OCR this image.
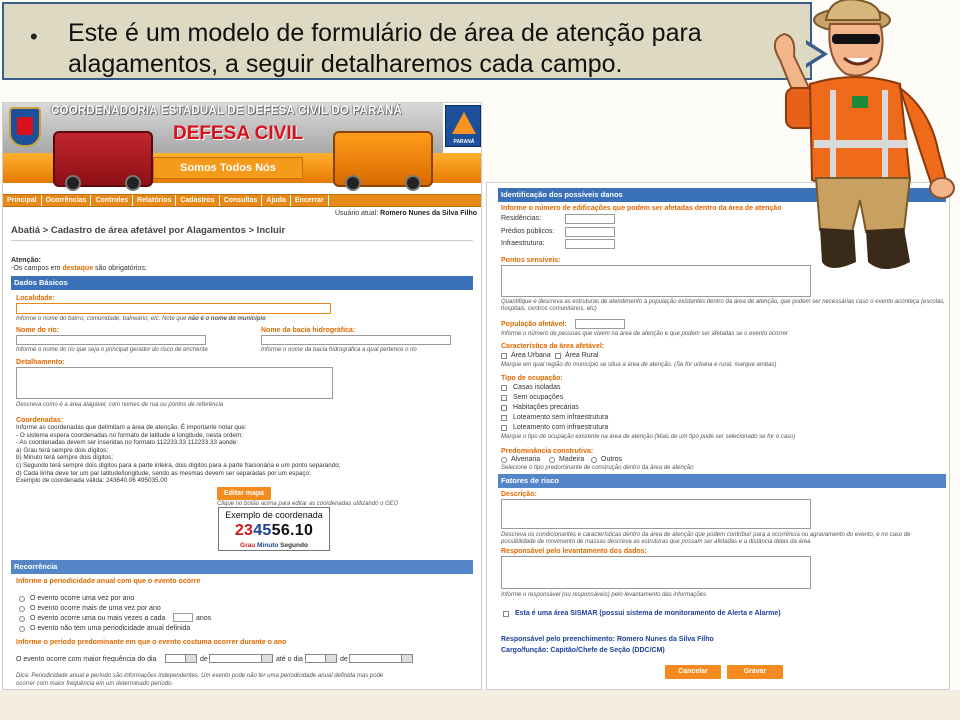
• Este é um modelo de formulário de área de atenção para alagamentos, a seguir detalharemos cada campo.
COORDENADORIA ESTADUAL DE DEFESA CIVIL DO PARANÁ
DEFESA CIVIL	PARANÁ
Somos Todos Nós
Principal Ocorrências Controles Relatórios Cadastros Consultas Ajuda Encerrar
Usuário atual: Romero Nunes da Silva Filho
Abatiá > Cadastro de área afetável por Alagamentos > Incluir
Atenção:
-Os campos em destaque são obrigatórios;
Dados Básicos
Localidade:
Informe o nome do bairro, comunidade, balneário, etc. Note que não é o nome do município
Nome do rio:
Informe o nome do rio que seja o principal gerador do risco de enchente
Nome da bacia hidrográfica:
Informe o nome da bacia hidrográfica a qual pertence o rio
Detalhamento:
Descreva como é a área alagável, com nomes de rua ou pontos de referência
Coordenadas:
Informe as coordenadas que delimitam a área de atenção. É importante notar que:
- O sistema espera coordenadas no formato de latitude e longitude, nesta ordem;
- As coordenadas devem ser inseridas no formato 112233.33 112233.33 aonde:
a) Grau terá sempre dois dígitos;
b) Minuto terá sempre dois dígitos;
c) Segundo terá sempre dois dígitos para a parte inteira, dois dígitos para a parte fracionária e um ponto separando;
d) Cada linha deve ter um par latitude/longitude, sendo as mesmas devem ser separadas por um espaço;
Exemplo de coordenada válida: 243640.06 495035.00
Editar mapa
Clique no botão acima para editar as coordenadas utilizando o GEO
Exemplo de coordenada
234556.10
Grau Minuto Segundo
Recorrência
Informe a periodicidade anual com que o evento ocorre
O evento ocorre uma vez por ano
O evento ocorre mais de uma vez por ano
O evento ocorre uma ou mais vezes a cada	anos
O evento não tem uma periodicidade anual definida
Informe o período predominante em que o evento costuma ocorrer durante o ano
O evento ocorre com maior frequência do dia	de	até o dia	de
Dica: Periodicidade anual e período são informações independentes. Um evento pode não ter uma periodicidade anual definida mas pode
ocorrer com maior frequência em um determinado período.
Identificação dos possíveis danos
Informe o número de edificações que podem ser afetadas dentro da área de atenção
Residências:
Prédios públicos:
Infraestrutura:
Pontos sensíveis:
Quantifique e descreva as estruturas de atendimento à população existentes dentro da área de atenção, que podem ser necessárias caso o evento aconteça (escolas, hospitais, centros comunitários, etc)
População afetável:
Informe o número de pessoas que vivem na área de atenção e que podem ser afetadas se o evento ocorrer
Característica da área afetável:
Área Urbana Área Rural
Marque em qual região do município se situa a área de atenção. (Se for urbana e rural, marque ambas)
Tipo de ocupação:
Casas isoladas
Sem ocupações
Habitações precárias
Loteamento sem infraestrutura
Loteamento com infraestrutura
Marque o tipo de ocupação existente na área de atenção (Mais de um tipo pode ser selecionado se for o caso)
Predominância construtiva:
Alvenaria	Madeira Outros
Selecione o tipo predominante de construção dentro da área de atenção
Fatores de risco
Descrição:
Descreva os condicionantes e características dentro da área de atenção que podem contribuir para a ocorrência ou agravamento do evento, e no caso de possibilidade de movimento de massas descreva as estruturas que possam ser afetadas e a distância delas da área
Responsável pelo levantamento dos dados:
Informe o responsável (ou responsáveis) pelo levantamento das informações
Esta é uma área SISMAR (possui sistema de monitoramento de Alerta e Alarme)
Responsável pelo preenchimento: Romero Nunes da Silva Filho
Cargo/função: Capitão/Chefe de Seção (DDC/CM)
Cancelar	Gravar
